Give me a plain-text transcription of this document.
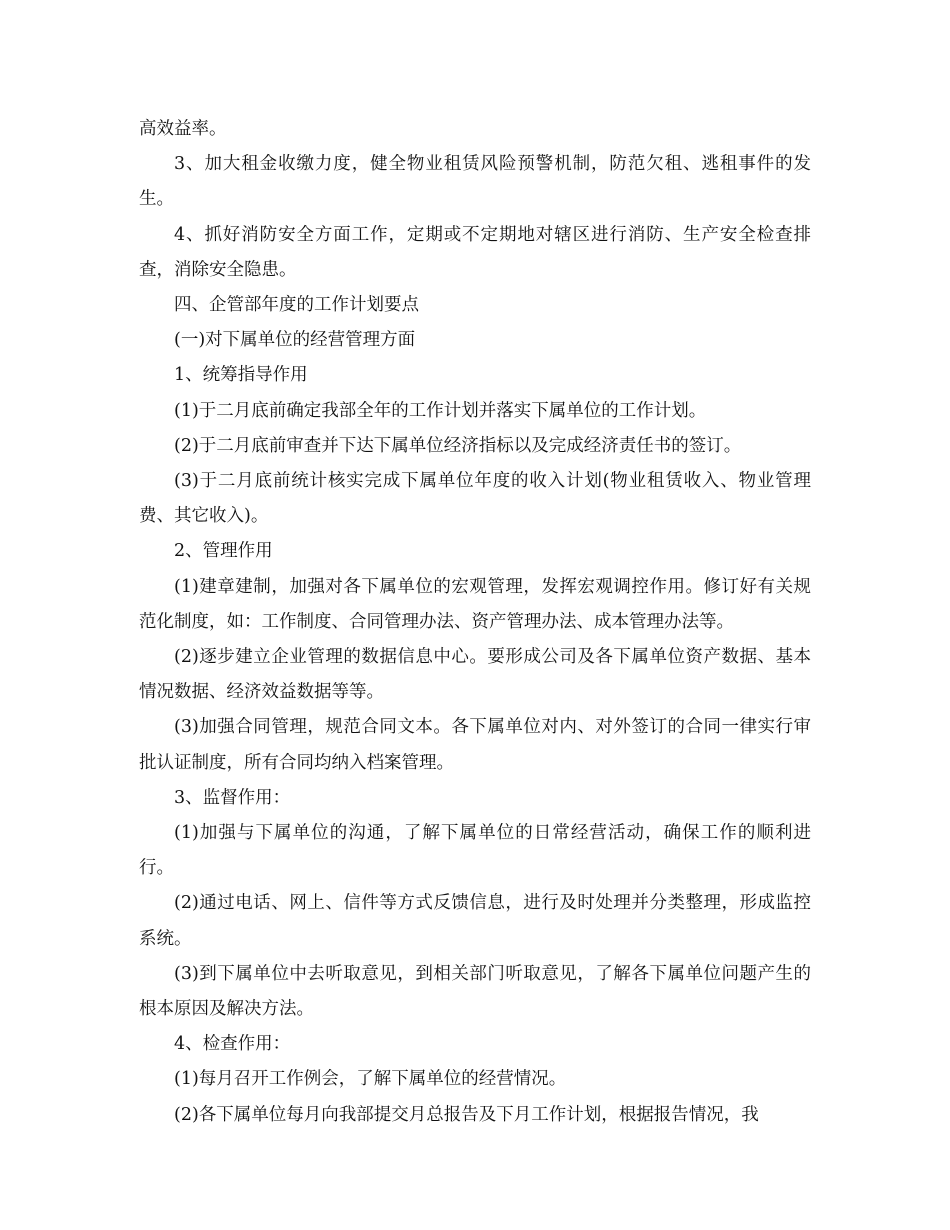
高效益率。

3、加大租金收缴力度，健全物业租赁风险预警机制，防范欠租、逃租事件的发生。

4、抓好消防安全方面工作，定期或不定期地对辖区进行消防、生产安全检查排查，消除安全隐患。

四、企管部年度的工作计划要点

(一)对下属单位的经营管理方面

1、统筹指导作用

(1)于二月底前确定我部全年的工作计划并落实下属单位的工作计划。

(2)于二月底前审查并下达下属单位经济指标以及完成经济责任书的签订。

(3)于二月底前统计核实完成下属单位年度的收入计划(物业租赁收入、物业管理费、其它收入)。

2、管理作用

(1)建章建制，加强对各下属单位的宏观管理，发挥宏观调控作用。修订好有关规范化制度，如：工作制度、合同管理办法、资产管理办法、成本管理办法等。

(2)逐步建立企业管理的数据信息中心。要形成公司及各下属单位资产数据、基本情况数据、经济效益数据等等。

(3)加强合同管理，规范合同文本。各下属单位对内、对外签订的合同一律实行审批认证制度，所有合同均纳入档案管理。

3、监督作用：

(1)加强与下属单位的沟通，了解下属单位的日常经营活动，确保工作的顺利进行。

(2)通过电话、网上、信件等方式反馈信息，进行及时处理并分类整理，形成监控系统。

(3)到下属单位中去听取意见，到相关部门听取意见，了解各下属单位问题产生的根本原因及解决方法。

4、检查作用：

(1)每月召开工作例会，了解下属单位的经营情况。

(2)各下属单位每月向我部提交月总报告及下月工作计划，根据报告情况，我
